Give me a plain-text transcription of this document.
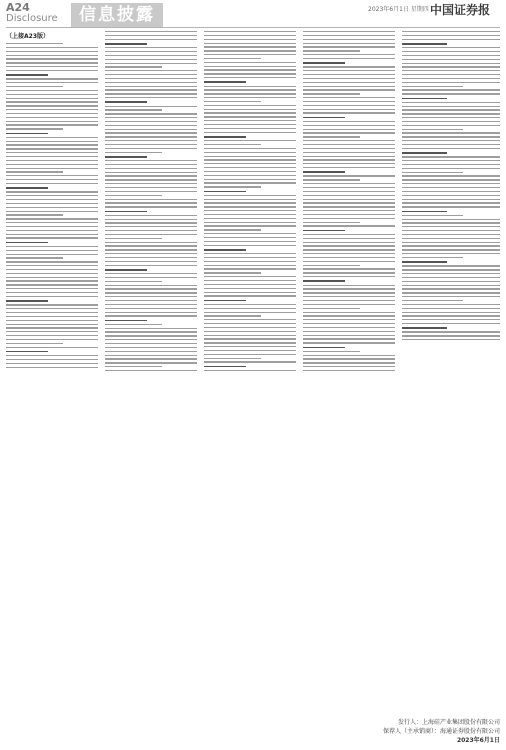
A24
Disclosure	信息披露	2023年6月1日 星期四 中国证券报
（上接A23版）
发行人：上海硅产业集团股份有限公司
保荐人（主承销商）：海通证券股份有限公司
2023年6月1日
